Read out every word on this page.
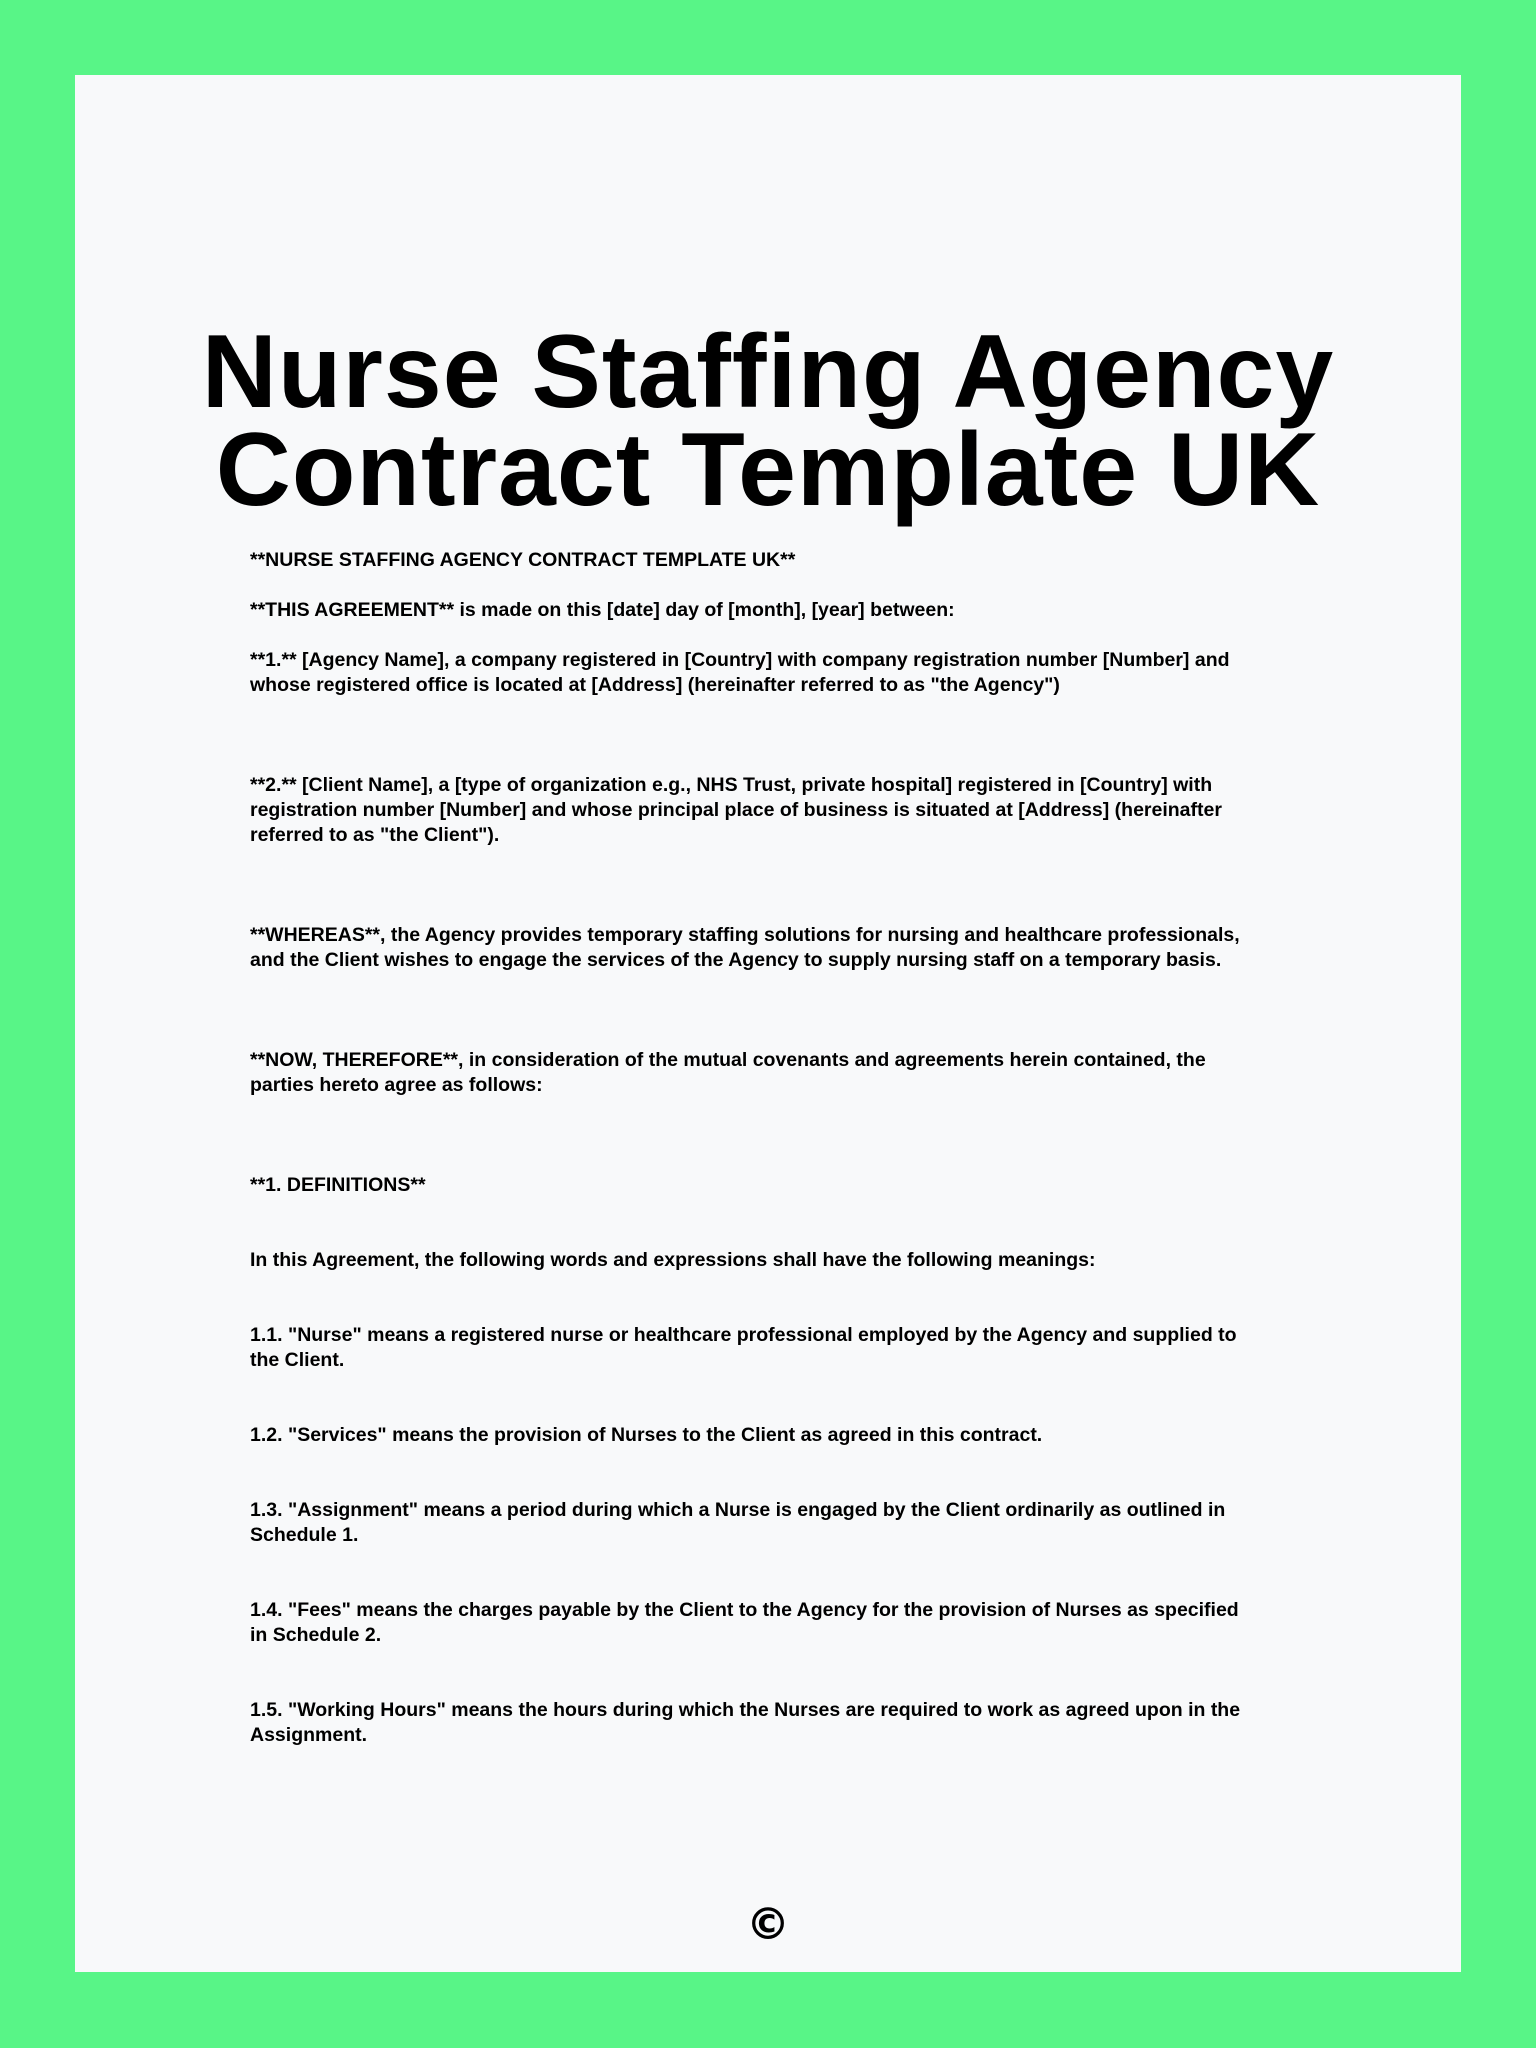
Nurse Staffing Agency
Contract Template UK

**NURSE STAFFING AGENCY CONTRACT TEMPLATE UK**

**THIS AGREEMENT** is made on this [date] day of [month], [year] between:

**1.** [Agency Name], a company registered in [Country] with company registration number [Number] and
whose registered office is located at [Address] (hereinafter referred to as "the Agency")

**2.** [Client Name], a [type of organization e.g., NHS Trust, private hospital] registered in [Country] with
registration number [Number] and whose principal place of business is situated at [Address] (hereinafter
referred to as "the Client").

**WHEREAS**, the Agency provides temporary staffing solutions for nursing and healthcare professionals,
and the Client wishes to engage the services of the Agency to supply nursing staff on a temporary basis.

**NOW, THEREFORE**, in consideration of the mutual covenants and agreements herein contained, the
parties hereto agree as follows:

**1. DEFINITIONS**

In this Agreement, the following words and expressions shall have the following meanings:

1.1. "Nurse" means a registered nurse or healthcare professional employed by the Agency and supplied to
the Client.

1.2. "Services" means the provision of Nurses to the Client as agreed in this contract.

1.3. "Assignment" means a period during which a Nurse is engaged by the Client ordinarily as outlined in
Schedule 1.

1.4. "Fees" means the charges payable by the Client to the Agency for the provision of Nurses as specified
in Schedule 2.

1.5. "Working Hours" means the hours during which the Nurses are required to work as agreed upon in the
Assignment.

©
